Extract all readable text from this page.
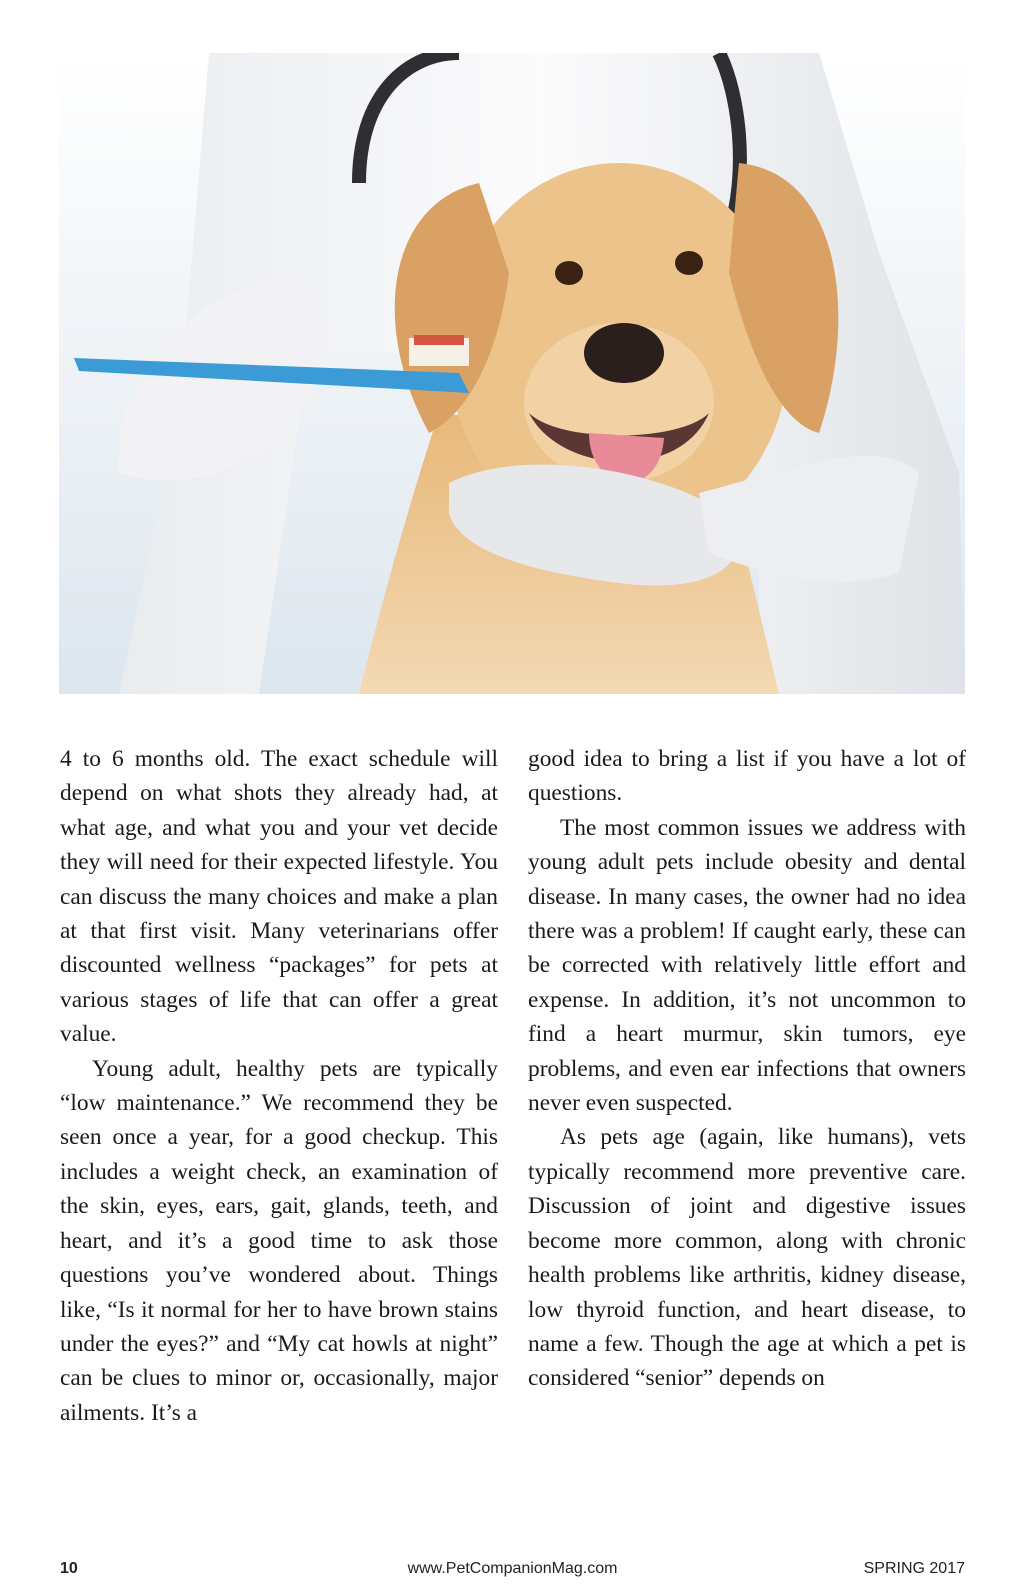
4 to 6 months old. The exact schedule will depend on what shots they already had, at what age, and what you and your vet decide they will need for their expected lifestyle. You can discuss the many choices and make a plan at that first visit. Many veterinarians offer discounted wellness “packages” for pets at various stages of life that can offer a great value.

Young adult, healthy pets are typically “low maintenance.” We recommend they be seen once a year, for a good checkup. This includes a weight check, an examination of the skin, eyes, ears, gait, glands, teeth, and heart, and it’s a good time to ask those questions you’ve wondered about. Things like, “Is it normal for her to have brown stains under the eyes?” and “My cat howls at night” can be clues to minor or, occasionally, major ailments. It’s a

good idea to bring a list if you have a lot of questions.

The most common issues we address with young adult pets include obesity and dental disease. In many cases, the owner had no idea there was a problem! If caught early, these can be corrected with relatively little effort and expense. In addition, it’s not uncommon to find a heart murmur, skin tumors, eye problems, and even ear infections that owners never even suspected.

As pets age (again, like humans), vets typically recommend more preventive care. Discussion of joint and digestive issues become more common, along with chronic health problems like arthritis, kidney disease, low thyroid function, and heart disease, to name a few. Though the age at which a pet is considered “senior” depends on

10	www.PetCompanionMag.com	SPRING 2017
